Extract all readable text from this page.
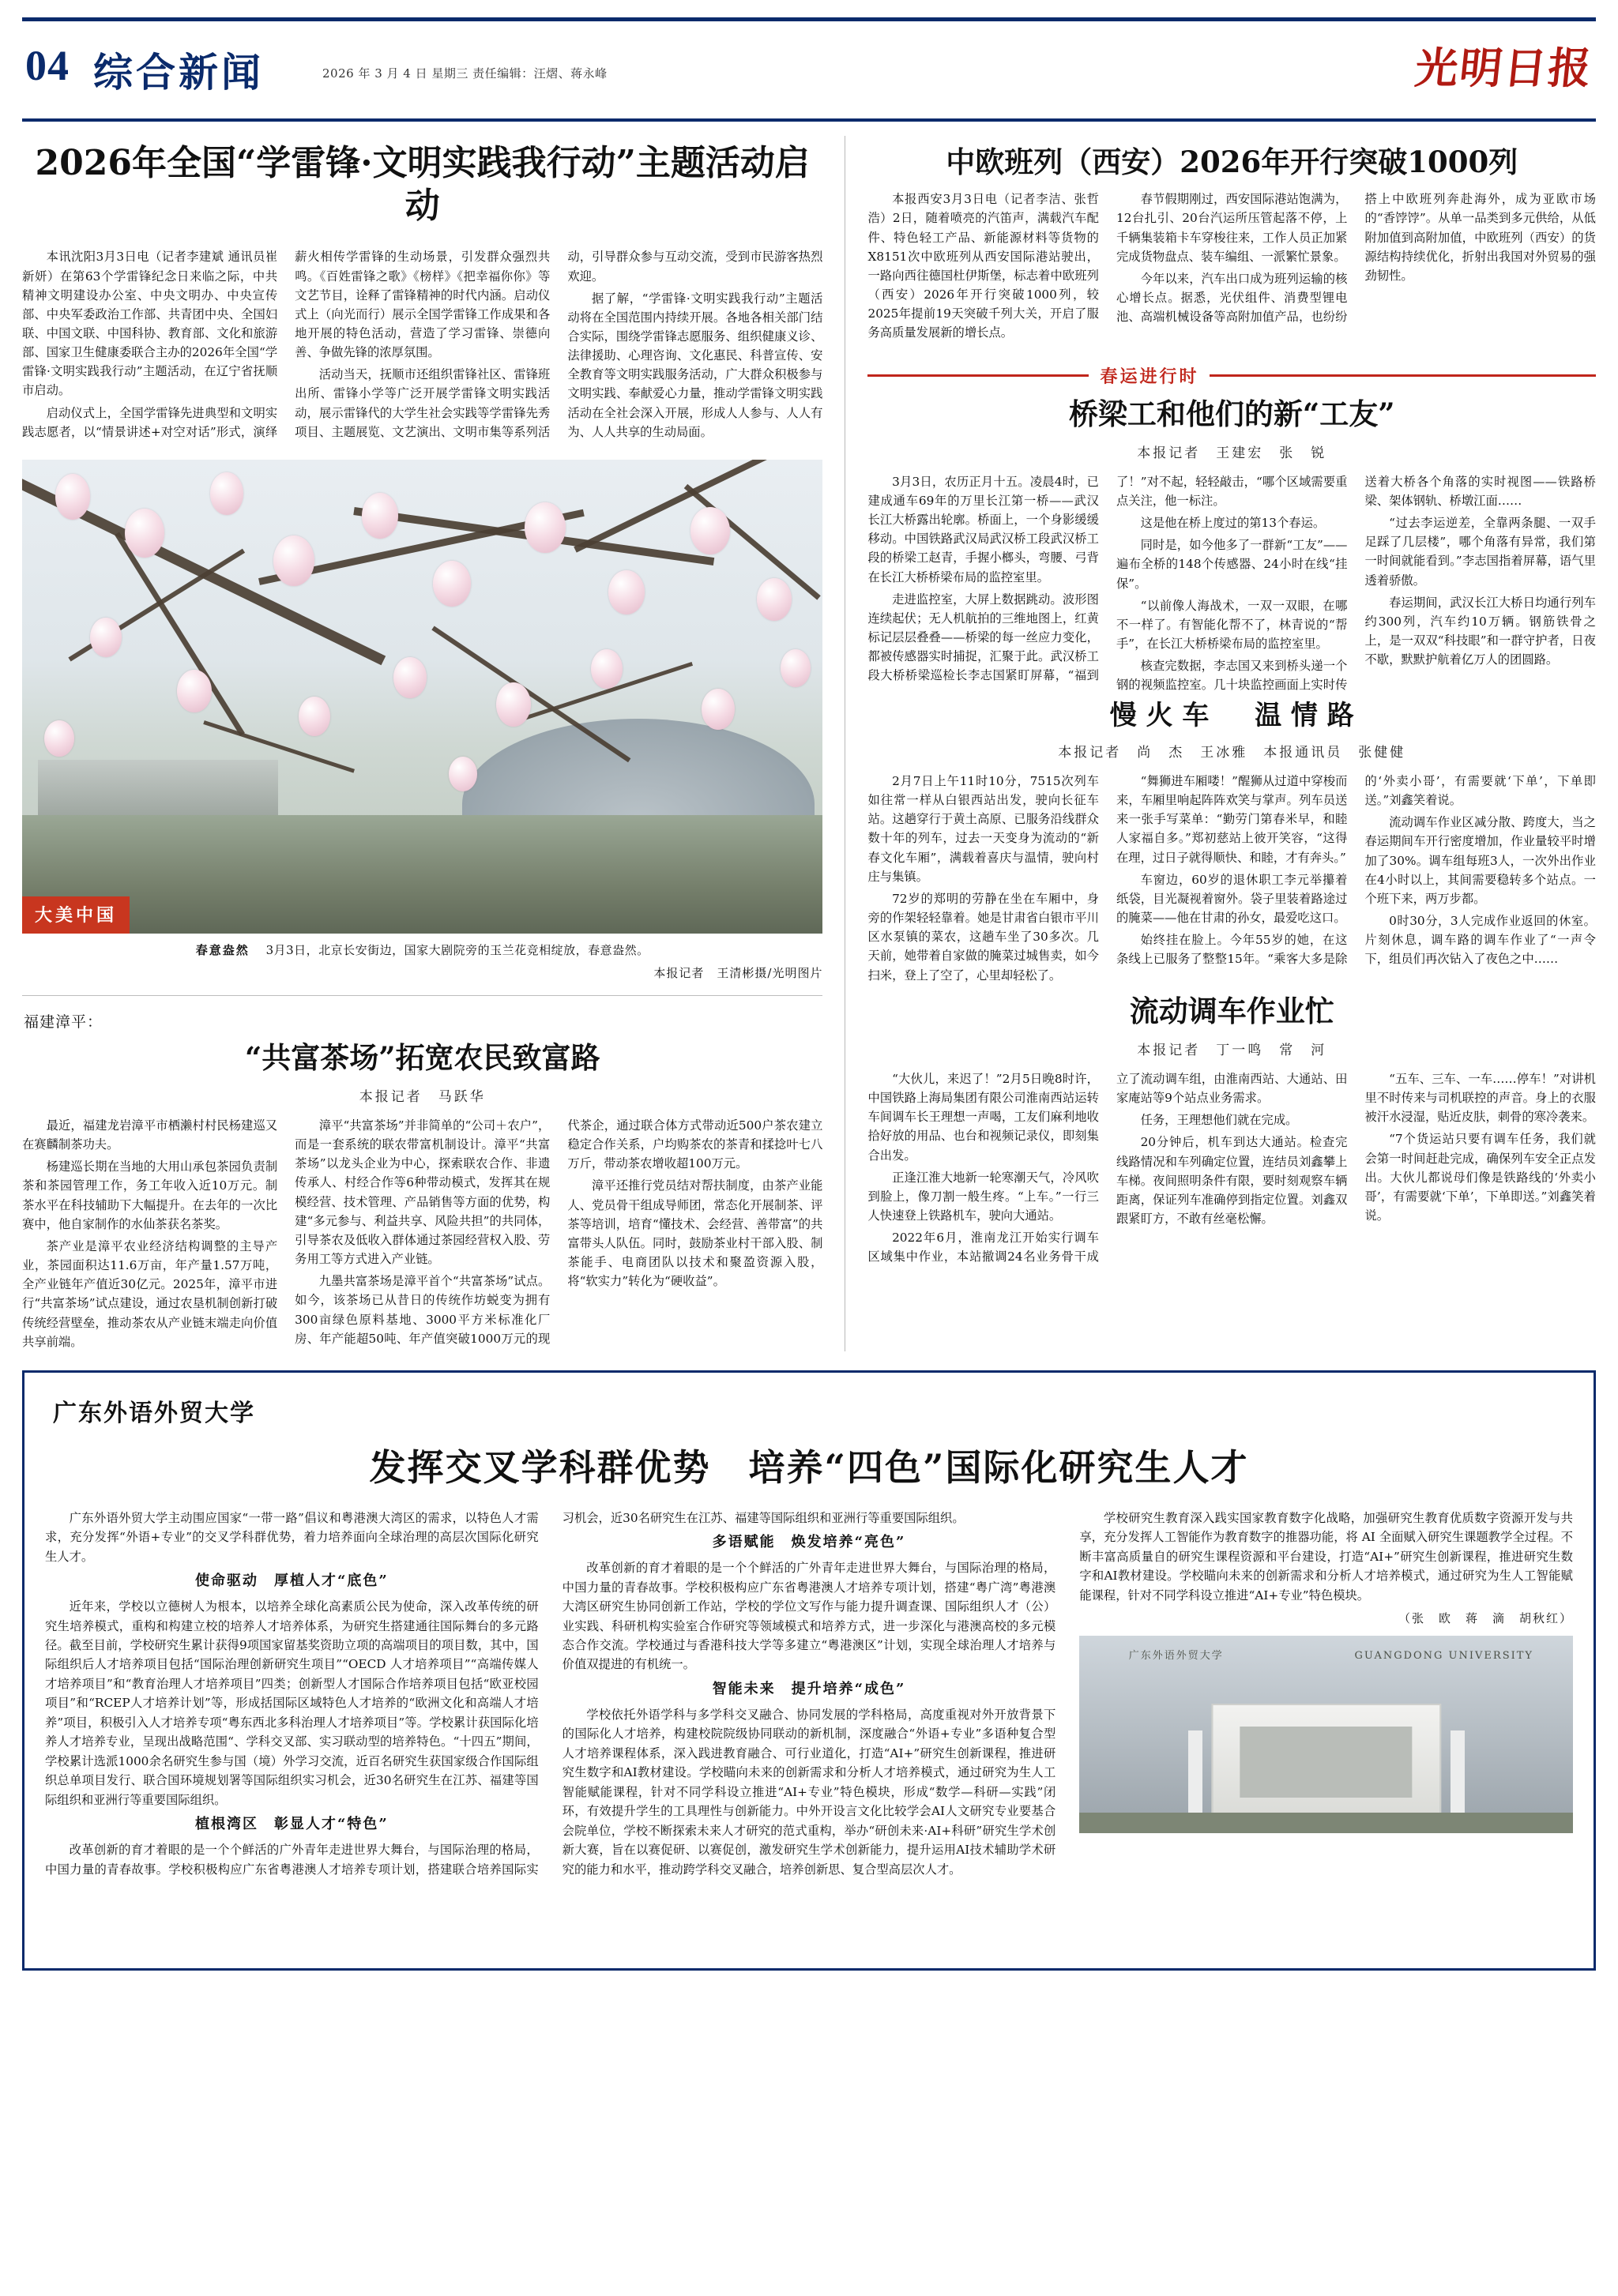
04 综合新闻	2026 年 3 月 4 日 星期三 责任编辑：汪熠、蒋永峰	光明日报
2026年全国“学雷锋·文明实践我行动”主题活动启动

本讯沈阳3月3日电（记者李建斌 通讯员崔新妍）在第63个学雷锋纪念日来临之际，中共精神文明建设办公室、中央文明办、中央宣传部、中央军委政治工作部、共青团中央、全国妇联、中国文联、中国科协、教育部、文化和旅游部、国家卫生健康委联合主办的2026年全国“学雷锋·文明实践我行动”主题活动，在辽宁省抚顺市启动。

启动仪式上，全国学雷锋先进典型和文明实践志愿者，以“情景讲述+对空对话”形式，演绎薪火相传学雷锋的生动场景，引发群众强烈共鸣。《百姓雷锋之歌》《榜样》《把幸福你你》等文艺节目，诠释了雷锋精神的时代内涵。启动仪式上（向光而行）展示全国学雷锋工作成果和各地开展的特色活动，营造了学习雷锋、崇德向善、争做先锋的浓厚氛围。

活动当天，抚顺市还组织雷锋社区、雷锋班出所、雷锋小学等广泛开展学雷锋文明实践活动，展示雷锋代的大学生社会实践等学雷锋先秀项目、主题展览、文艺演出、文明市集等系列活动，引导群众参与互动交流，受到市民游客热烈欢迎。

据了解，“学雷锋·文明实践我行动”主题活动将在全国范围内持续开展。各地各相关部门结合实际，围绕学雷锋志愿服务、组织健康义诊、法律援助、心理咨询、文化惠民、科普宣传、安全教育等文明实践服务活动，广大群众积极参与文明实践、奉献爱心力量，推动学雷锋文明实践活动在全社会深入开展，形成人人参与、人人有为、人人共享的生动局面。

大美中国
春意盎然 　 3月3日，北京长安街边，国家大剧院旁的玉兰花竞相绽放，春意盎然。
本报记者　王清彬摄/光明图片
福建漳平：
“共富茶场”拓宽农民致富路
本报记者　马跃华

最近，福建龙岩漳平市栖濑村村民杨建巡又在赛麟制茶功夫。

杨建巡长期在当地的大用山承包茶园负责制茶和茶园管理工作，务工年收入近10万元。制茶水平在科技辅助下大幅提升。在去年的一次比赛中，他自家制作的水仙茶获名茶奖。

茶产业是漳平农业经济结构调整的主导产业，茶园面积达11.6万亩，年产量1.57万吨，全产业链年产值近30亿元。2025年，漳平市进行“共富茶场”试点建设，通过农垦机制创新打破传统经营壁垒，推动茶农从产业链末端走向价值共享前端。

漳平“共富茶场”并非简单的“公司＋农户”，而是一套系统的联农带富机制设计。漳平“共富茶场”以龙头企业为中心，探索联农合作、非遗传承人、村经合作等6种带动模式，发挥其在规模经营、技术管理、产品销售等方面的优势，构建“多元参与、利益共享、风险共担”的共同体，引导茶农及低收入群体通过茶园经营权入股、劳务用工等方式进入产业链。

九墨共富茶场是漳平首个“共富茶场”试点。如今，该茶场已从昔日的传统作坊蜕变为拥有300亩绿色原料基地、3000平方米标准化厂房、年产能超50吨、年产值突破1000万元的现代茶企，通过联合体方式带动近500户茶农建立稳定合作关系，户均购茶农的茶青和揉捻叶七八万斤，带动茶农增收超100万元。

漳平还推行党员结对帮扶制度，由茶产业能人、党员骨干组成导师团，常态化开展制茶、评茶等培训，培育“懂技术、会经营、善带富”的共富带头人队伍。同时，鼓励茶业村干部入股、制茶能手、电商团队以技术和聚盈资源入股，将“软实力”转化为“硬收益”。

中欧班列（西安）2026年开行突破1000列

本报西安3月3日电（记者李洁、张哲浩）2日，随着喷亮的汽笛声，满载汽车配件、特色轻工产品、新能源材料等货物的X8151次中欧班列从西安国际港站驶出，一路向西往德国杜伊斯堡，标志着中欧班列（西安）2026年开行突破1000列，较2025年提前19天突破千列大关，开启了服务高质量发展新的增长点。

春节假期刚过，西安国际港站饱满为，12台扎引、20台汽运所压管起落不停，上千辆集装箱卡车穿梭往来，工作人员正加紧完成货物盘点、装车编组、一派繁忙景象。

今年以来，汽车出口成为班列运输的核心增长点。据悉，光伏组件、消费型锂电池、高端机械设备等高附加值产品，也纷纷搭上中欧班列奔赴海外，成为亚欧市场的“香饽饽”。从单一品类到多元供给，从低附加值到高附加值，中欧班列（西安）的货源结构持续优化，折射出我国对外贸易的强劲韧性。

春运进行时
桥梁工和他们的新“工友”
本报记者　王建宏　张　锐

3月3日，农历正月十五。凌晨4时，已建成通车69年的万里长江第一桥——武汉长江大桥露出轮廓。桥面上，一个身影缓缓移动。中国铁路武汉局武汉桥工段武汉桥工段的桥梁工赵青，手握小榔头，弯腰、弓背在长江大桥桥梁布局的监控室里。

走进监控室，大屏上数据跳动。波形图连续起伏；无人机航拍的三维地图上，红黄标记层层叠叠——桥梁的每一丝应力变化，都被传感器实时捕捉，汇聚于此。武汉桥工段大桥桥梁巡检长李志国紧盯屏幕，“福到了！”对不起，轻轻敲击，“哪个区域需要重点关注，他一标注。

这是他在桥上度过的第13个春运。

同时是，如今他多了一群新“工友”——遍布全桥的148个传感器、24小时在线“挂保”。

“以前像人海战术，一双一双眼，在哪不一样了。有智能化帮不了，林青说的“帮手”，在长江大桥桥梁布局的监控室里。

核查完数据，李志国又来到桥头递一个钢的视频监控室。几十块监控画面上实时传送着大桥各个角落的实时视图——铁路桥梁、架体钢轨、桥墩江面……

“过去李运逆差，全靠两条腿、一双手足踩了几层楼”，哪个角落有异常，我们第一时间就能看到。”李志国指着屏幕，语气里透着骄傲。

春运期间，武汉长江大桥日均通行列车约300列，汽车约10万辆。钢筋铁骨之上，是一双双“科技眼”和一群守护者，日夜不歇，默默护航着亿万人的团圆路。

慢 火 车 　 温 情 路
本报记者　尚　杰　王冰雅　本报通讯员　张健健

2月7日上午11时10分，7515次列车如往常一样从白银西站出发，驶向长征车站。这趟穿行于黄土高原、已服务沿线群众数十年的列车，过去一天变身为流动的“新春文化车厢”，满载着喜庆与温情，驶向村庄与集镇。

72岁的郑明的劳静在坐在车厢中，身旁的作架轻轻靠着。她是甘肃省白银市平川区水泵镇的菜农，这趟车坐了30多次。几天前，她带着自家做的腌菜过城售卖，如今扫米，登上了空了，心里却轻松了。

“舞狮进车厢喽！”醒狮从过道中穿梭而来，车厢里响起阵阵欢笑与掌声。列车员送来一张手写菜单：“勤劳门第春米早，和睦人家福自多。”郑初慈站上彼开笑容，“这得在理，过日子就得顺快、和睦，才有奔头。”

车窗边，60岁的退休职工李元举攥着纸袋，目光凝视着窗外。袋子里装着路途过的腌菜——他在甘肃的孙女，最爱吃这口。

始终挂在脸上。今年55岁的她，在这条线上已服务了整整15年。“乘客大多是除的‘外卖小哥’，有需要就‘下单’，下单即送。”刘鑫笑着说。

流动调车作业区减分散、跨度大，当之春运期间车开行密度增加，作业量较平时增加了30%。调车组每班3人，一次外出作业在4小时以上，其间需要稳转多个站点。一个班下来，两万步都。

0时30分，3人完成作业返回的休室。片刻休息，调车路的调车作业了“一声令下，组员们再次钻入了夜色之中……

流动调车作业忙
本报记者　丁一鸣　常　河

“大伙儿，来迟了！”2月5日晚8时许，中国铁路上海局集团有限公司淮南西站运转车间调车长王理想一声喝，工友们麻利地收拾好放的用品、也台和视频记录仪，即刻集合出发。

正逢江淮大地新一轮寒潮天气，冷风吹到脸上，像刀割一般生疼。“上车。”一行三人快速登上铁路机车，驶向大通站。

2022年6月，淮南龙江开始实行调车区域集中作业，本站撤调24名业务骨干成立了流动调车组，由淮南西站、大通站、田家庵站等9个站点业务需求。

任务，王理想他们就在完成。

20分钟后，机车到达大通站。检查完线路情况和车列确定位置，连结员刘鑫攀上车梯。夜间照明条件有限，要时刻观察车辆距离，保证列车准确停到指定位置。刘鑫双跟紧盯方，不敢有丝毫松懈。

“五车、三车、一车……停车！”对讲机里不时传来与司机联控的声音。身上的衣服被汗水浸湿，贴近皮肤，刺骨的寒冷袭来。

“7个货运站只要有调车任务，我们就会第一时间赶赴完成，确保列车安全正点发出。大伙儿都说母们像是铁路线的‘外卖小哥’，有需要就‘下单’，下单即送。”刘鑫笑着说。

广东外语外贸大学
发挥交叉学科群优势　培养“四色”国际化研究生人才

广东外语外贸大学主动围应国家“一带一路”倡议和粤港澳大湾区的需求，以特色人才需求，充分发挥“外语+专业”的交叉学科群优势，着力培养面向全球治理的高层次国际化研究生人才。

使命驱动　厚植人才“底色”

近年来，学校以立德树人为根本，以培养全球化高素质公民为使命，深入改革传统的研究生培养模式，重构和构建立校的培养人才培养体系，为研究生搭建通往国际舞台的多元路径。截至目前，学校研究生累计获得9项国家留基奖资助立项的高端项目的项目数，其中，国际组织后人才培养项目包括“国际治理创新研究生项目”“OECD 人才培养项目”“高端传媒人才培养项目”和“教育治理人才培养项目”四类；创新型人才国际合作培养项目包括“欧亚校园项目”和“RCEP人才培养计划”等，形成括国际区域特色人才培养的“欧洲文化和高端人才培养”项目，积极引入人才培养专项“粤东西北多科治理人才培养项目”等。学校累计获国际化培养人才培养专业，呈现出战略范围“、学科交叉部、实习联动型的培养特色。“十四五”期间，学校累计选派1000余名研究生参与国（境）外学习交流，近百名研究生获国家级合作国际组织总单项目发行、联合国环境规划署等国际组织实习机会，近30名研究生在江苏、福建等国际组织和亚洲行等重要国际组织。

植根湾区　彰显人才“特色”

改革创新的育才着眼的是一个个鲜活的广外青年走进世界大舞台，与国际治理的格局，中国力量的青春故事。学校积极构应广东省粤港澳人才培养专项计划，搭建联合培养国际实习机会，近30名研究生在江苏、福建等国际组织和亚洲行等重要国际组织。

多语赋能　焕发培养“亮色”

改革创新的育才着眼的是一个个鲜活的广外青年走进世界大舞台，与国际治理的格局，中国力量的青春故事。学校积极构应广东省粤港澳人才培养专项计划，搭建“粤广湾”粤港澳大湾区研究生协同创新工作站，学校的学位文写作与能力提升调查课、国际组织人才（公）业实践、科研机构实验室合作研究等领域模式和培养方式，进一步深化与港澳高校的多元模态合作交流。学校通过与香港科技大学等多建立“粤港澳区”计划，实现全球治理人才培养与价值双提进的有机统一。

智能未来　提升培养“成色”

学校依托外语学科与多学科交叉融合、协同发展的学科格局，高度重视对外开放背景下的国际化人才培养，构建校院院级协同联动的新机制，深度融合“外语+专业”多语种复合型人才培养课程体系，深入践进教育融合、可行业道化，打造“AI+”研究生创新课程，推进研究生数字和AI教材建设。学校瞄向未来的创新需求和分析人才培养模式，通过研究为生人工智能赋能课程，针对不同学科设立推进“AI+专业”特色模块，形成“数学—科研—实践”闭环，有效提升学生的工具理性与创新能力。中外开设言文化比较学会AI人文研究专业要基合会院单位，学校不断探索未来人才研究的范式重构，举办“研创未来·AI+科研”研究生学术创新大赛，旨在以赛促研、以赛促创，激发研究生学术创新能力，提升运用AI技术辅助学术研究的能力和水平，推动跨学科交叉融合，培养创新思、复合型高层次人才。

学校研究生教育深入践实国家教育数字化战略，加强研究生教育优质数字资源开发与共享，充分发挥人工智能作为教育数字的推器功能，将 AI 全面赋入研究生课题教学全过程。不断丰富高质量自的研究生课程资源和平台建设，打造“AI+”研究生创新课程，推进研究生数字和AI教材建设。学校瞄向未来的创新需求和分析人才培养模式，通过研究为生人工智能赋能课程，针对不同学科设立推进“AI+专业”特色模块。

（张　欧　蒋　滴　胡秋红）

广东外语外贸大学	GUANGDONG UNIVERSITY
